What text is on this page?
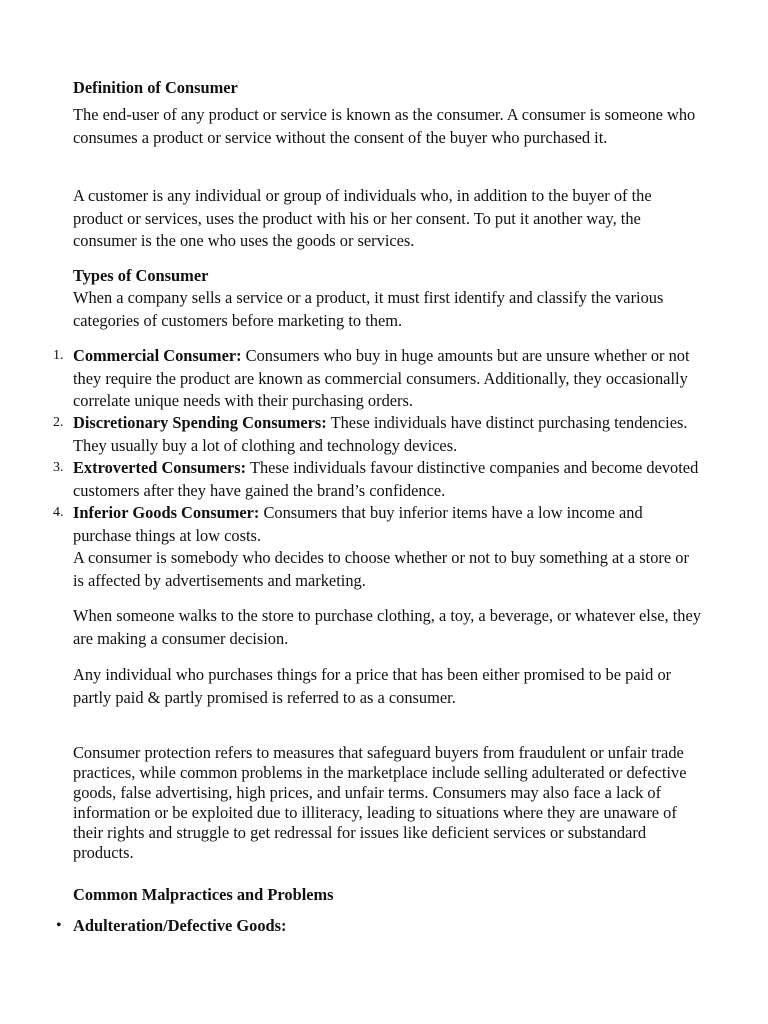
Definition of Consumer

The end-user of any product or service is known as the consumer. A consumer is someone who consumes a product or service without the consent of the buyer who purchased it.

A customer is any individual or group of individuals who, in addition to the buyer of the product or services, uses the product with his or her consent. To put it another way, the consumer is the one who uses the goods or services.

Types of Consumer

When a company sells a service or a product, it must first identify and classify the various categories of customers before marketing to them.

1. Commercial Consumer: Consumers who buy in huge amounts but are unsure whether or not they require the product are known as commercial consumers. Additionally, they occasionally correlate unique needs with their purchasing orders.

2. Discretionary Spending Consumers: These individuals have distinct purchasing tendencies. They usually buy a lot of clothing and technology devices.

3. Extroverted Consumers: These individuals favour distinctive companies and become devoted customers after they have gained the brand’s confidence.

4. Inferior Goods Consumer: Consumers that buy inferior items have a low income and purchase things at low costs.

A consumer is somebody who decides to choose whether or not to buy something at a store or is affected by advertisements and marketing.

When someone walks to the store to purchase clothing, a toy, a beverage, or whatever else, they are making a consumer decision.

Any individual who purchases things for a price that has been either promised to be paid or partly paid & partly promised is referred to as a consumer.

Consumer protection refers to measures that safeguard buyers from fraudulent or unfair trade practices, while common problems in the marketplace include selling adulterated or defective goods, false advertising, high prices, and unfair terms. Consumers may also face a lack of information or be exploited due to illiteracy, leading to situations where they are unaware of their rights and struggle to get redressal for issues like deficient services or substandard products.

Common Malpractices and Problems

• Adulteration/Defective Goods:
